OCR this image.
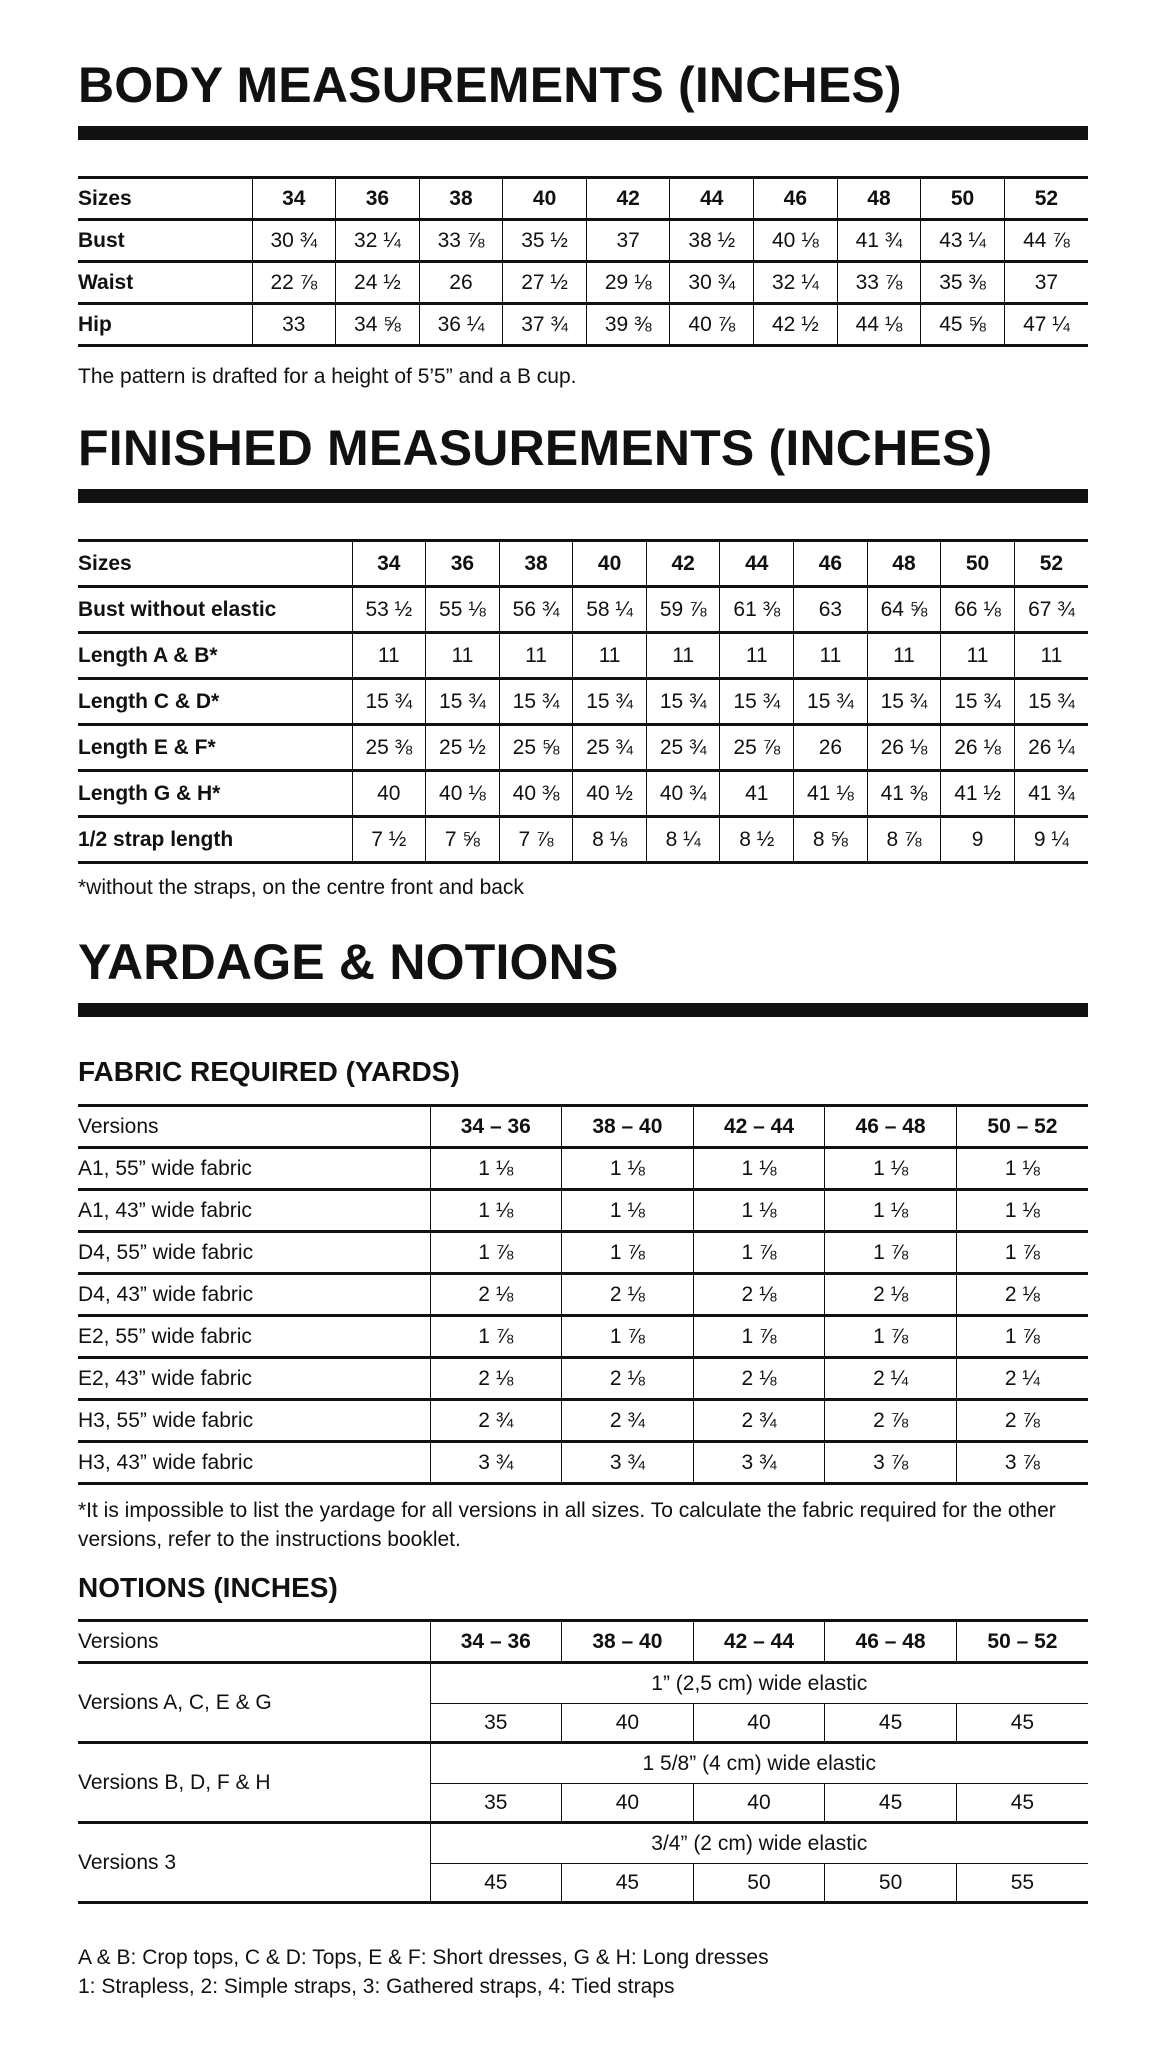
BODY MEASUREMENTS (INCHES)
Sizes	34	36	38	40	42	44	46	48	50	52
Bust	30 ¾	32 ¼	33 ⅞	35 ½	37	38 ½	40 ⅛	41 ¾	43 ¼	44 ⅞
Waist	22 ⅞	24 ½	26	27 ½	29 ⅛	30 ¾	32 ¼	33 ⅞	35 ⅜	37
Hip	33	34 ⅝	36 ¼	37 ¾	39 ⅜	40 ⅞	42 ½	44 ⅛	45 ⅝	47 ¼

The pattern is drafted for a height of 5’5” and a B cup.

FINISHED MEASUREMENTS (INCHES)
Sizes	34	36	38	40	42	44	46	48	50	52
Bust without elastic	53 ½	55 ⅛	56 ¾	58 ¼	59 ⅞	61 ⅜	63	64 ⅝	66 ⅛	67 ¾
Length A & B*	11	11	11	11	11	11	11	11	11	11
Length C & D*	15 ¾	15 ¾	15 ¾	15 ¾	15 ¾	15 ¾	15 ¾	15 ¾	15 ¾	15 ¾
Length E & F*	25 ⅜	25 ½	25 ⅝	25 ¾	25 ¾	25 ⅞	26	26 ⅛	26 ⅛	26 ¼
Length G & H*	40	40 ⅛	40 ⅜	40 ½	40 ¾	41	41 ⅛	41 ⅜	41 ½	41 ¾
1/2 strap length	7 ½	7 ⅝	7 ⅞	8 ⅛	8 ¼	8 ½	8 ⅝	8 ⅞	9	9 ¼

*without the straps, on the centre front and back

YARDAGE & NOTIONS
FABRIC REQUIRED (YARDS)
Versions	34 – 36	38 – 40	42 – 44	46 – 48	50 – 52
A1, 55” wide fabric	1 ⅛	1 ⅛	1 ⅛	1 ⅛	1 ⅛
A1, 43” wide fabric	1 ⅛	1 ⅛	1 ⅛	1 ⅛	1 ⅛
D4, 55” wide fabric	1 ⅞	1 ⅞	1 ⅞	1 ⅞	1 ⅞
D4, 43” wide fabric	2 ⅛	2 ⅛	2 ⅛	2 ⅛	2 ⅛
E2, 55” wide fabric	1 ⅞	1 ⅞	1 ⅞	1 ⅞	1 ⅞
E2, 43” wide fabric	2 ⅛	2 ⅛	2 ⅛	2 ¼	2 ¼
H3, 55” wide fabric	2 ¾	2 ¾	2 ¾	2 ⅞	2 ⅞
H3, 43” wide fabric	3 ¾	3 ¾	3 ¾	3 ⅞	3 ⅞

*It is impossible to list the yardage for all versions in all sizes. To calculate the fabric required for the other versions, refer to the instructions booklet.

NOTIONS (INCHES)
Versions	34 – 36	38 – 40	42 – 44	46 – 48	50 – 52
Versions A, C, E & G	1” (2,5 cm) wide elastic				
	35	40	40	45	45
Versions B, D, F & H	1 5/8” (4 cm) wide elastic				
	35	40	40	45	45
Versions 3	3/4” (2 cm) wide elastic				
	45	45	50	50	55

A & B: Crop tops, C & D: Tops, E & F: Short dresses, G & H: Long dresses

1: Strapless, 2: Simple straps, 3: Gathered straps, 4: Tied straps
